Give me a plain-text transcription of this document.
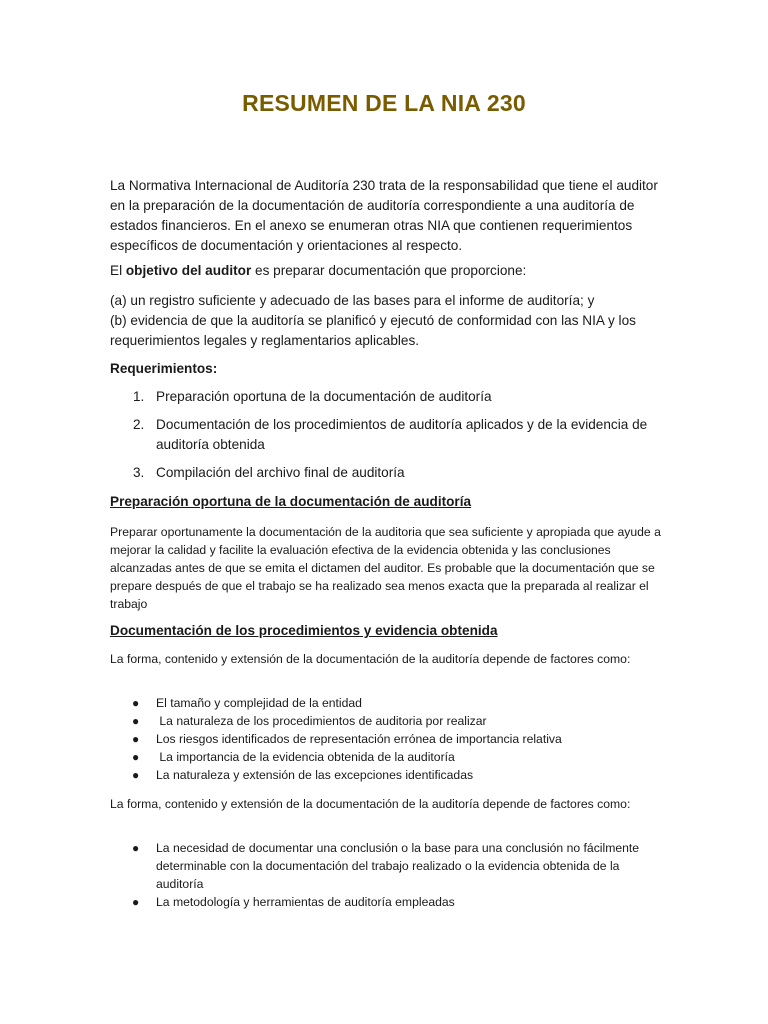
RESUMEN DE LA NIA 230

La Normativa Internacional de Auditoría 230 trata de la responsabilidad que tiene el auditor en la preparación de la documentación de auditoría correspondiente a una auditoría de estados financieros. En el anexo se enumeran otras NIA que contienen requerimientos específicos de documentación y orientaciones al respecto.

El objetivo del auditor es preparar documentación que proporcione:

(a) un registro suficiente y adecuado de las bases para el informe de auditoría; y

(b) evidencia de que la auditoría se planificó y ejecutó de conformidad con las NIA y los requerimientos legales y reglamentarios aplicables.

Requerimientos:

1. Preparación oportuna de la documentación de auditoría
2. Documentación de los procedimientos de auditoría aplicados y de la evidencia de auditoría obtenida
3. Compilación del archivo final de auditoría

Preparación oportuna de la documentación de auditoría

Preparar oportunamente la documentación de la auditoria que sea suficiente y apropiada que ayude a mejorar la calidad y facilite la evaluación efectiva de la evidencia obtenida y las conclusiones alcanzadas antes de que se emita el dictamen del auditor. Es probable que la documentación que se prepare después de que el trabajo se ha realizado sea menos exacta que la preparada al realizar el trabajo

Documentación de los procedimientos y evidencia obtenida

La forma, contenido y extensión de la documentación de la auditoría depende de factores como:

● El tamaño y complejidad de la entidad
● La naturaleza de los procedimientos de auditoria por realizar
● Los riesgos identificados de representación errónea de importancia relativa
● La importancia de la evidencia obtenida de la auditoría
● La naturaleza y extensión de las excepciones identificadas

La forma, contenido y extensión de la documentación de la auditoría depende de factores como:

● La necesidad de documentar una conclusión o la base para una conclusión no fácilmente determinable con la documentación del trabajo realizado o la evidencia obtenida de la auditoría
● La metodología y herramientas de auditoría empleadas
